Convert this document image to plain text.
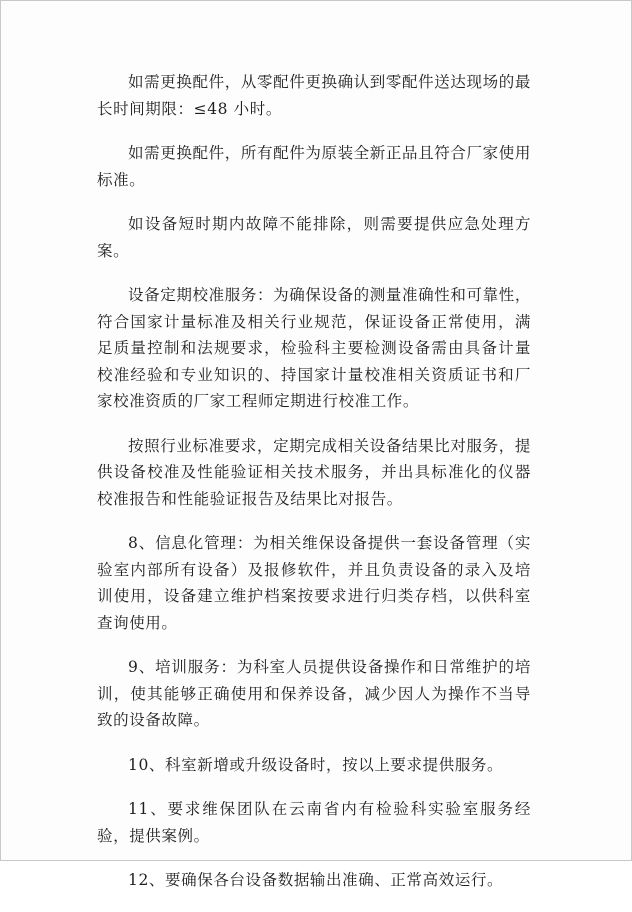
如需更换配件，从零配件更换确认到零配件送达现场的最长时间期限：≤48 小时。

如需更换配件，所有配件为原装全新正品且符合厂家使用标准。

如设备短时期内故障不能排除，则需要提供应急处理方案。

设备定期校准服务：为确保设备的测量准确性和可靠性，符合国家计量标准及相关行业规范，保证设备正常使用，满足质量控制和法规要求，检验科主要检测设备需由具备计量校准经验和专业知识的、持国家计量校准相关资质证书和厂家校准资质的厂家工程师定期进行校准工作。

按照行业标准要求，定期完成相关设备结果比对服务，提供设备校准及性能验证相关技术服务，并出具标准化的仪器校准报告和性能验证报告及结果比对报告。

8、信息化管理：为相关维保设备提供一套设备管理（实验室内部所有设备）及报修软件，并且负责设备的录入及培训使用，设备建立维护档案按要求进行归类存档，以供科室查询使用。

9、培训服务：为科室人员提供设备操作和日常维护的培训，使其能够正确使用和保养设备，减少因人为操作不当导致的设备故障。

10、科室新增或升级设备时，按以上要求提供服务。

11、要求维保团队在云南省内有检验科实验室服务经验，提供案例。

12、要确保各台设备数据输出准确、正常高效运行。
